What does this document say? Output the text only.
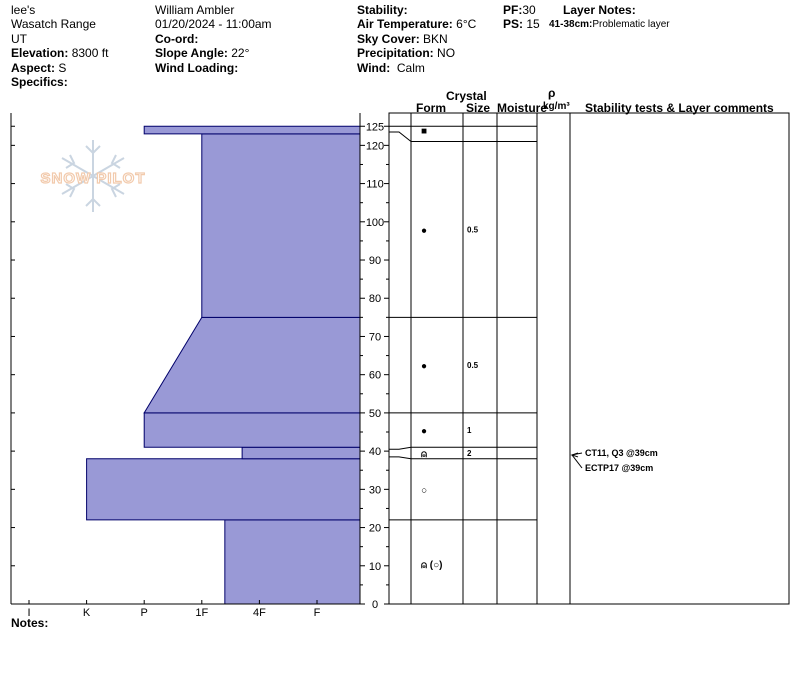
lee's
Wasatch Range
UT
Elevation: 8300 ft
Aspect: S
Specifics:
William Ambler
01/20/2024 - 11:00am
Co-ord:
Slope Angle: 22°
Wind Loading:
Stability:
Air Temperature: 6°C
Sky Cover: BKN
Precipitation: NO
Wind: Calm
PF:30
PS: 15
Layer Notes:
41-38cm:Problematic layer
Crystal
Form Size Moisture
ρ
kg/m³ Stability tests & Layer comments
Notes:
SNOW PILOT
0
10
20
30
40
50
60
70
80
90
100
110
120
125
I	K	P	1F	4F	F
■
●	0.5
●	0.5
●	1
⍝	2
○
⍝ (○)
CT11, Q3 @39cm
ECTP17 @39cm
